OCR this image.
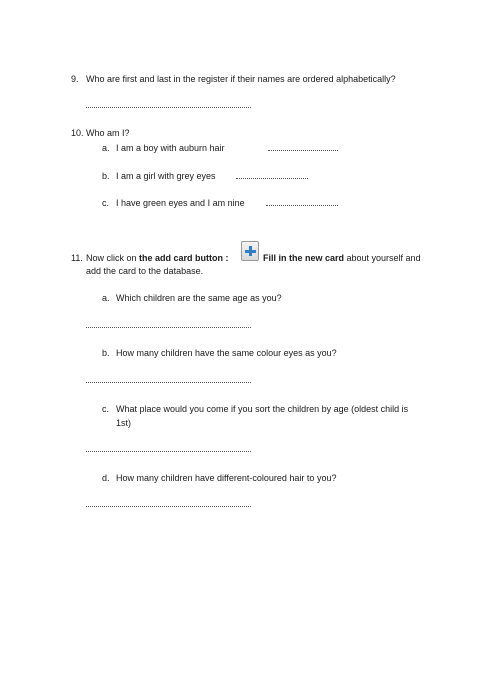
9. Who are first and last in the register if their names are ordered alphabetically?
10. Who am I?
a. I am a boy with auburn hair
b. I am a girl with grey eyes
c. I have green eyes and I am nine
11. Now click on the add card button :	Fill in the new card about yourself and
add the card to the database.
a. Which children are the same age as you?
b. How many children have the same colour eyes as you?
c. What place would you come if you sort the children by age (oldest child is
1st)
d. How many children have different-coloured hair to you?
